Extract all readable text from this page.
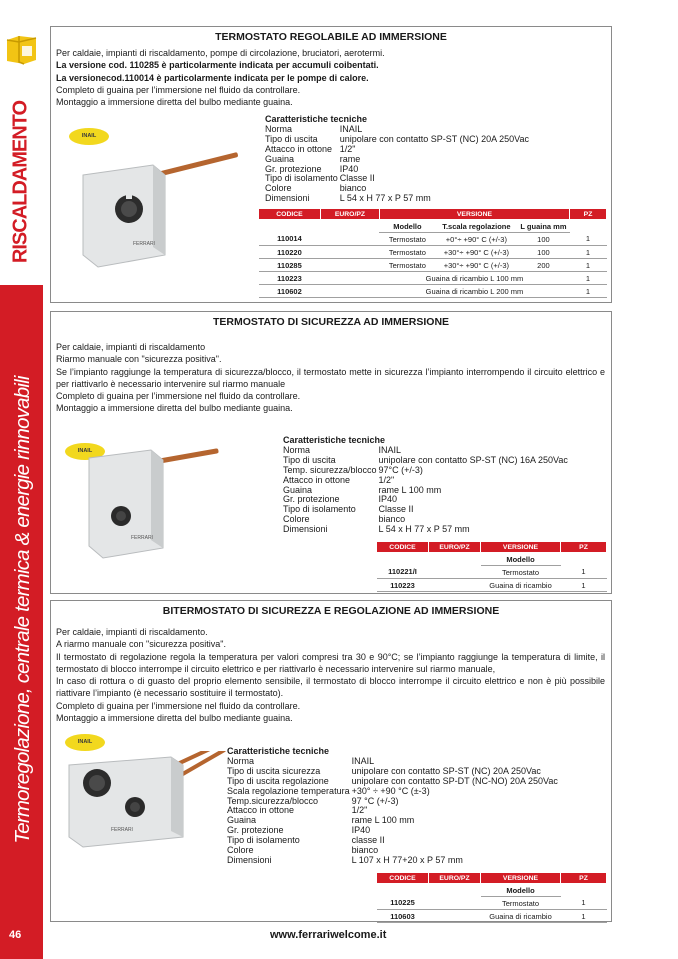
RISCALDAMENTO
Termoregolazione, centrale termica & energie rinnovabili
46	www.ferrariwelcome.it
TERMOSTATO REGOLABILE AD IMMERSIONE

Per caldaie, impianti di riscaldamento, pompe di circolazione, bruciatori, aerotermi.

La versione cod. 110285 è particolarmente indicata per accumuli coibentati.

La versionecod.110014 è particolarmente indicata per le pompe di calore.

Completo di guaina per l’immersione nel fluido da controllare.

Montaggio a immersione diretta del bulbo mediante guaina.

INAIL
FERRARI
Caratteristiche tecniche
Norma	INAIL
Tipo di uscita	unipolare con contatto SP-ST (NC) 20A 250Vac
Attacco in ottone	1/2"
Guaina	rame
Gr. protezione	IP40
Tipo di isolamento	Classe II
Colore	bianco
Dimensioni	L 54 x H 77 x P 57 mm
CODICE	EURO/PZ	VERSIONE			PZ
		Modello	T.scala regolazione	L guaina mm	
110014		Termostato	+0°÷ +90° C (+/-3)	100	1
110220		Termostato	+30°÷ +90° C (+/-3)	100	1
110285		Termostato	+30°÷ +90° C (+/-3)	200	1
110223		Guaina di ricambio L 100 mm			1
110602		Guaina di ricambio L 200 mm			1
TERMOSTATO DI SICUREZZA AD IMMERSIONE

Per caldaie, impianti di riscaldamento

Riarmo manuale con "sicurezza positiva".

Se l’impianto raggiunge la temperatura di sicurezza/blocco, il termostato mette in sicurezza l’impianto interrompendo il circuito elettrico e per riattivarlo è necessario intervenire sul riarmo manuale

Completo di guaina per l’immersione nel fluido da controllare.

Montaggio a immersione diretta del bulbo mediante guaina.

INAIL
FERRARI
Caratteristiche tecniche
Norma	INAIL
Tipo di uscita	unipolare con contatto SP-ST (NC) 16A 250Vac
Temp. sicurezza/blocco	97°C (+/-3)
Attacco in ottone	1/2"
Guaina	rame L 100 mm
Gr. protezione	IP40
Tipo di isolamento	Classe II
Colore	bianco
Dimensioni	L 54 x H 77 x P 57 mm
CODICE	EURO/PZ	VERSIONE	PZ
		Modello	
110221/I		Termostato	1
110223		Guaina di ricambio	1
BITERMOSTATO DI SICUREZZA E REGOLAZIONE AD IMMERSIONE

Per caldaie, impianti di riscaldamento.

A riarmo manuale con "sicurezza positiva".

Il termostato di regolazione regola la temperatura per valori compresi tra 30 e 90°C; se l’impianto raggiunge la temperatura di limite, il termostato di blocco interrompe il circuito elettrico e per riattivarlo è necessario intervenire sul riarmo manuale,

In caso di rottura o di guasto del proprio elemento sensibile, il termostato di blocco interrompe il circuito elettrico e non è più possibile riattivare l’impianto (è necessario sostituire il termostato).

Completo di guaina per l’immersione nel fluido da controllare.

Montaggio a immersione diretta del bulbo mediante guaina.

INAIL
FERRARI
Caratteristiche tecniche
Norma	INAIL
Tipo di uscita sicurezza	unipolare con contatto SP-ST (NC) 20A 250Vac
Tipo di uscita regolazione	unipolare con contatto SP-DT (NC-NO) 20A 250Vac
Scala regolazione temperatura	+30° ÷ +90 °C (±-3)
Temp.sicurezza/blocco	97 °C (+/-3)
Attacco in ottone	1/2"
Guaina	rame L 100 mm
Gr. protezione	IP40
Tipo di isolamento	classe II
Colore	bianco
Dimensioni	L 107 x H 77+20 x P 57 mm
CODICE	EURO/PZ	VERSIONE	PZ
		Modello	
110225		Termostato	1
110603		Guaina di ricambio	1
